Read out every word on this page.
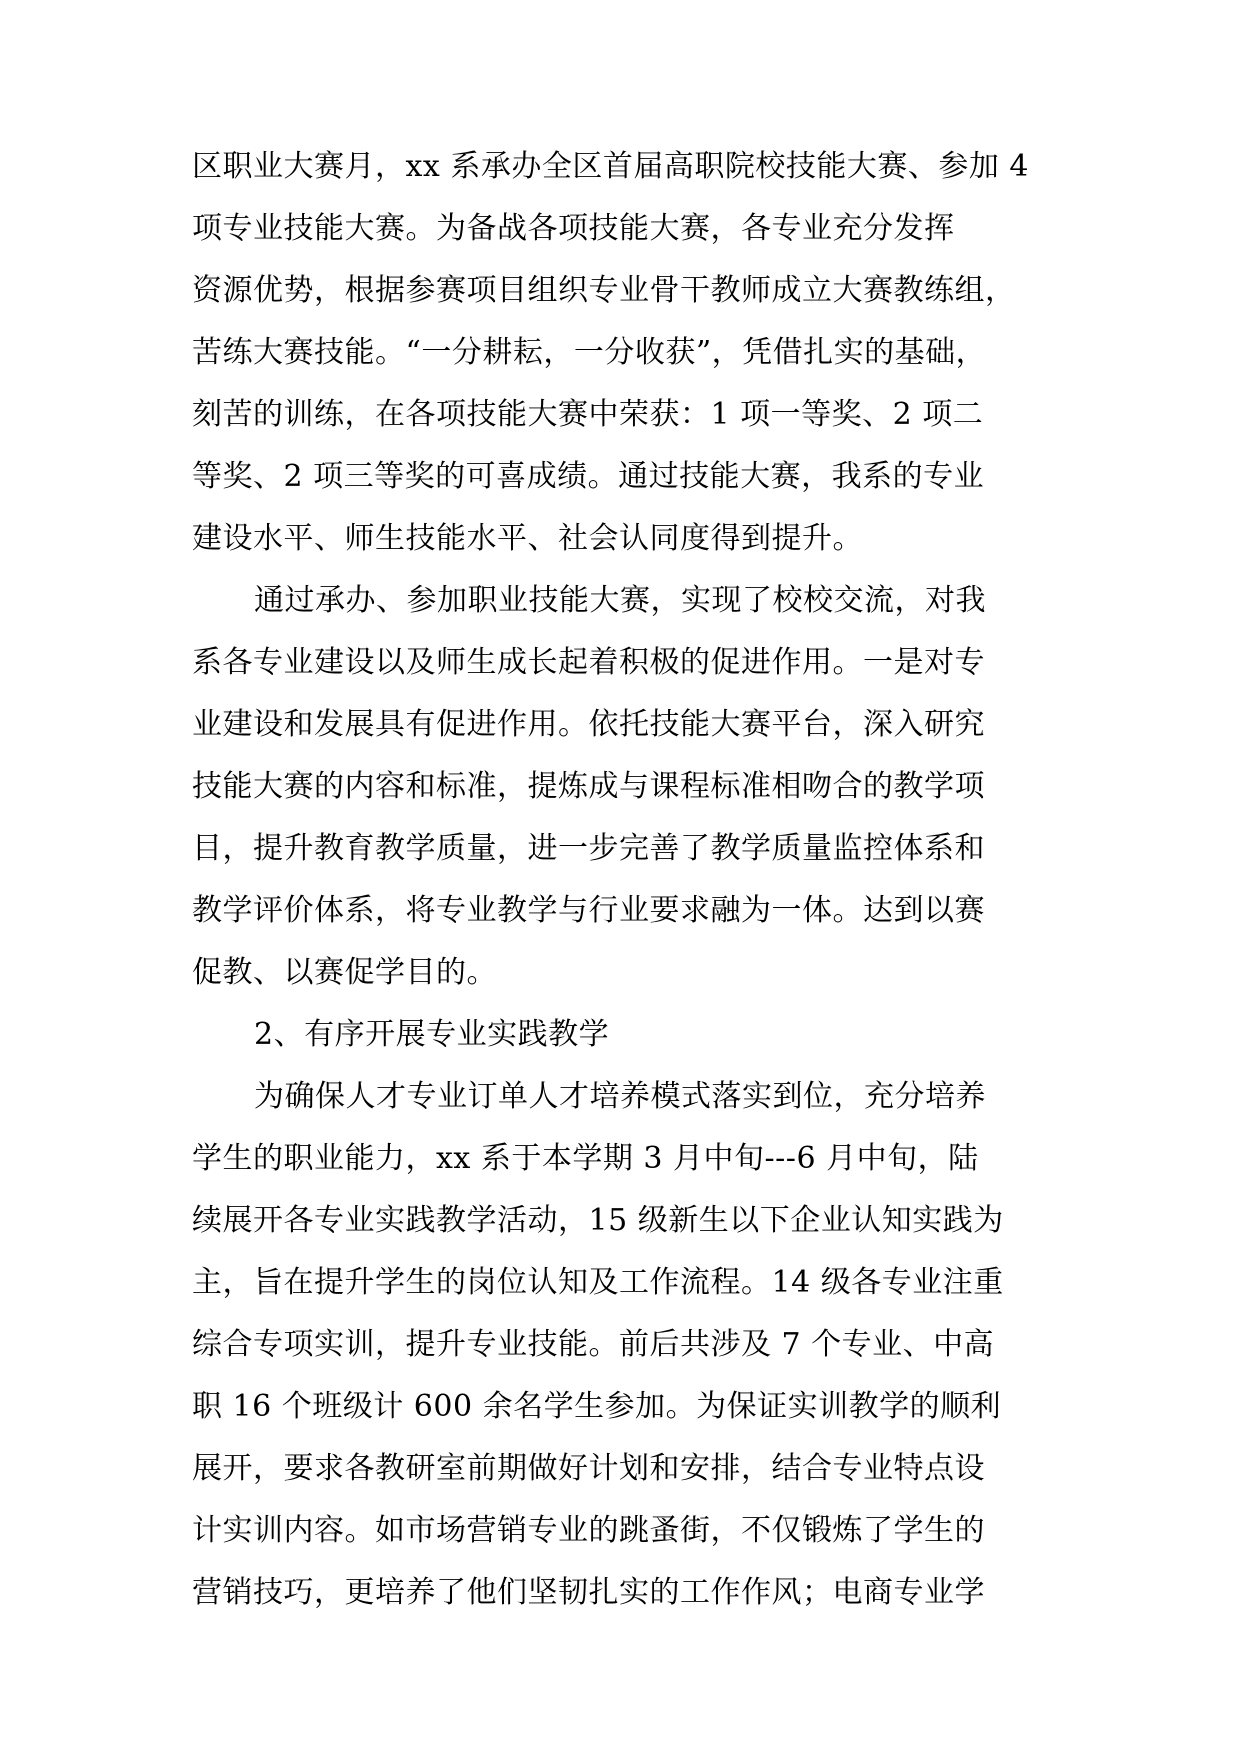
区职业大赛月，xx 系承办全区首届高职院校技能大赛、参加 4
项专业技能大赛。为备战各项技能大赛，各专业充分发挥
资源优势，根据参赛项目组织专业骨干教师成立大赛教练组，
苦练大赛技能。“一分耕耘，一分收获”，凭借扎实的基础，
刻苦的训练，在各项技能大赛中荣获：1 项一等奖、2 项二
等奖、2 项三等奖的可喜成绩。通过技能大赛，我系的专业
建设水平、师生技能水平、社会认同度得到提升。
通过承办、参加职业技能大赛，实现了校校交流，对我
系各专业建设以及师生成长起着积极的促进作用。一是对专
业建设和发展具有促进作用。依托技能大赛平台，深入研究
技能大赛的内容和标准，提炼成与课程标准相吻合的教学项
目，提升教育教学质量，进一步完善了教学质量监控体系和
教学评价体系，将专业教学与行业要求融为一体。达到以赛
促教、以赛促学目的。
2、有序开展专业实践教学
为确保人才专业订单人才培养模式落实到位，充分培养
学生的职业能力，xx 系于本学期 3 月中旬---6 月中旬，陆
续展开各专业实践教学活动，15 级新生以下企业认知实践为
主，旨在提升学生的岗位认知及工作流程。14 级各专业注重
综合专项实训，提升专业技能。前后共涉及 7 个专业、中高
职 16 个班级计 600 余名学生参加。为保证实训教学的顺利
展开，要求各教研室前期做好计划和安排，结合专业特点设
计实训内容。如市场营销专业的跳蚤街，不仅锻炼了学生的
营销技巧，更培养了他们坚韧扎实的工作作风；电商专业学
